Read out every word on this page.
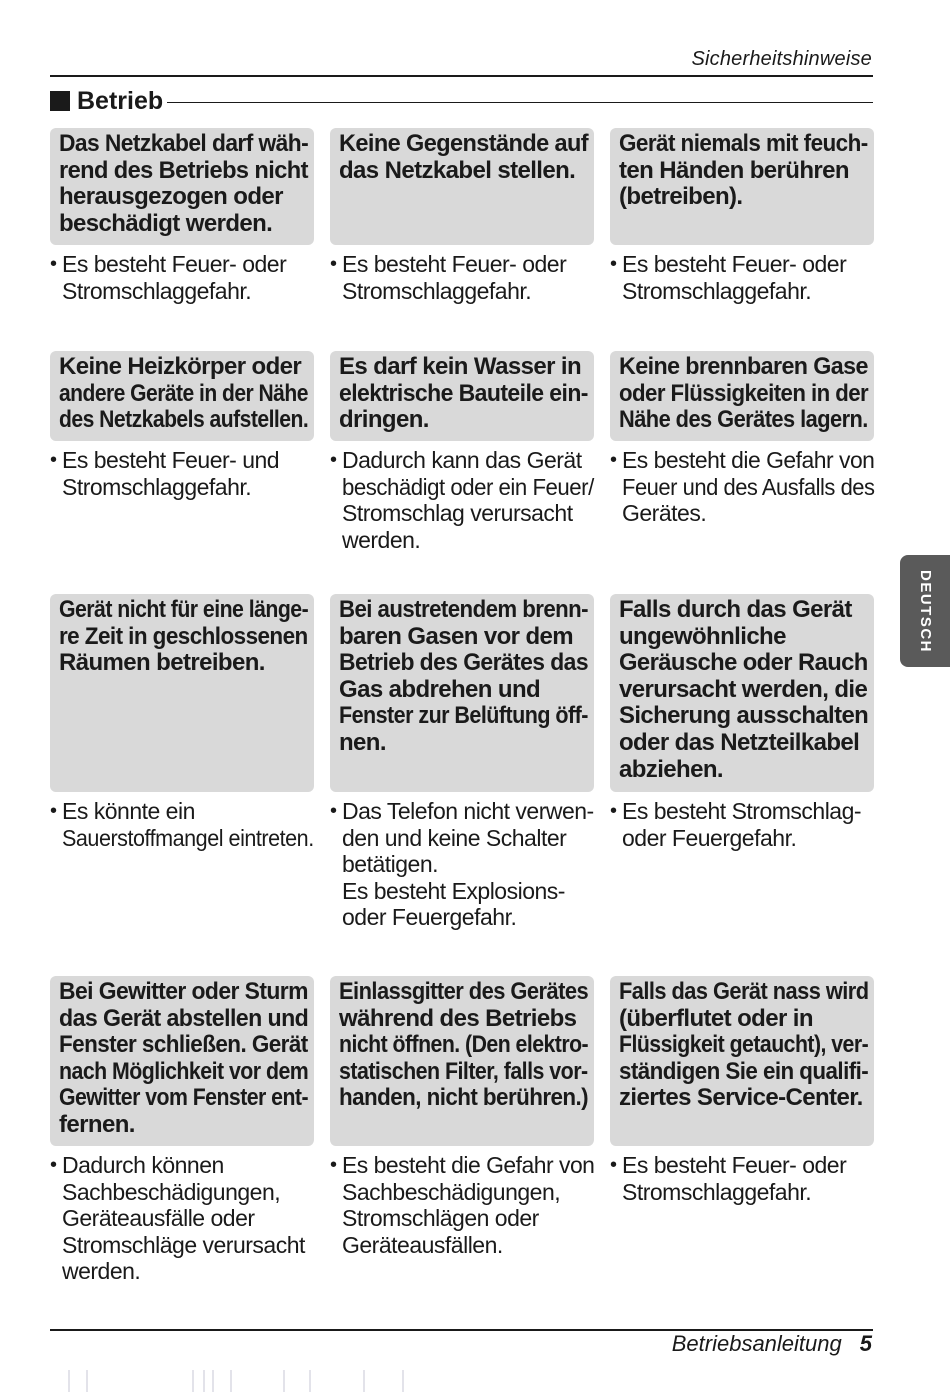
Sicherheitshinweise
Betrieb
Das Netzkabel darf wäh-
rend des Betriebs nicht
herausgezogen oder
beschädigt werden.
• Es besteht Feuer- oder
Stromschlaggefahr.
Keine Gegenstände auf
das Netzkabel stellen.
• Es besteht Feuer- oder
Stromschlaggefahr.
Gerät niemals mit feuch-
ten Händen berühren
(betreiben).
• Es besteht Feuer- oder
Stromschlaggefahr.
Keine Heizkörper oder
andere Geräte in der Nähe
des Netzkabels aufstellen.
• Es besteht Feuer- und
Stromschlaggefahr.
Es darf kein Wasser in
elektrische Bauteile ein-
dringen.
• Dadurch kann das Gerät
beschädigt oder ein Feuer/
Stromschlag verursacht
werden.
Keine brennbaren Gase
oder Flüssigkeiten in der
Nähe des Gerätes lagern.
• Es besteht die Gefahr von
Feuer und des Ausfalls des
Gerätes.
Gerät nicht für eine länge-
re Zeit in geschlossenen
Räumen betreiben.
• Es könnte ein
Sauerstoffmangel eintreten.
Bei austretendem brenn-
baren Gasen vor dem
Betrieb des Gerätes das
Gas abdrehen und
Fenster zur Belüftung öff-
nen.
• Das Telefon nicht verwen-
den und keine Schalter
betätigen.
Es besteht Explosions-
oder Feuergefahr.
Falls durch das Gerät
ungewöhnliche
Geräusche oder Rauch
verursacht werden, die
Sicherung ausschalten
oder das Netzteilkabel
abziehen.
• Es besteht Stromschlag-
oder Feuergefahr.
Bei Gewitter oder Sturm
das Gerät abstellen und
Fenster schließen. Gerät
nach Möglichkeit vor dem
Gewitter vom Fenster ent-
fernen.
• Dadurch können
Sachbeschädigungen,
Geräteausfälle oder
Stromschläge verursacht
werden.
Einlassgitter des Gerätes
während des Betriebs
nicht öffnen. (Den elektro-
statischen Filter, falls vor-
handen, nicht berühren.)
• Es besteht die Gefahr von
Sachbeschädigungen,
Stromschlägen oder
Geräteausfällen.
Falls das Gerät nass wird
(überflutet oder in
Flüssigkeit getaucht), ver-
ständigen Sie ein qualifi-
ziertes Service-Center.
• Es besteht Feuer- oder
Stromschlaggefahr.
DEUTSCH
Betriebsanleitung 5
